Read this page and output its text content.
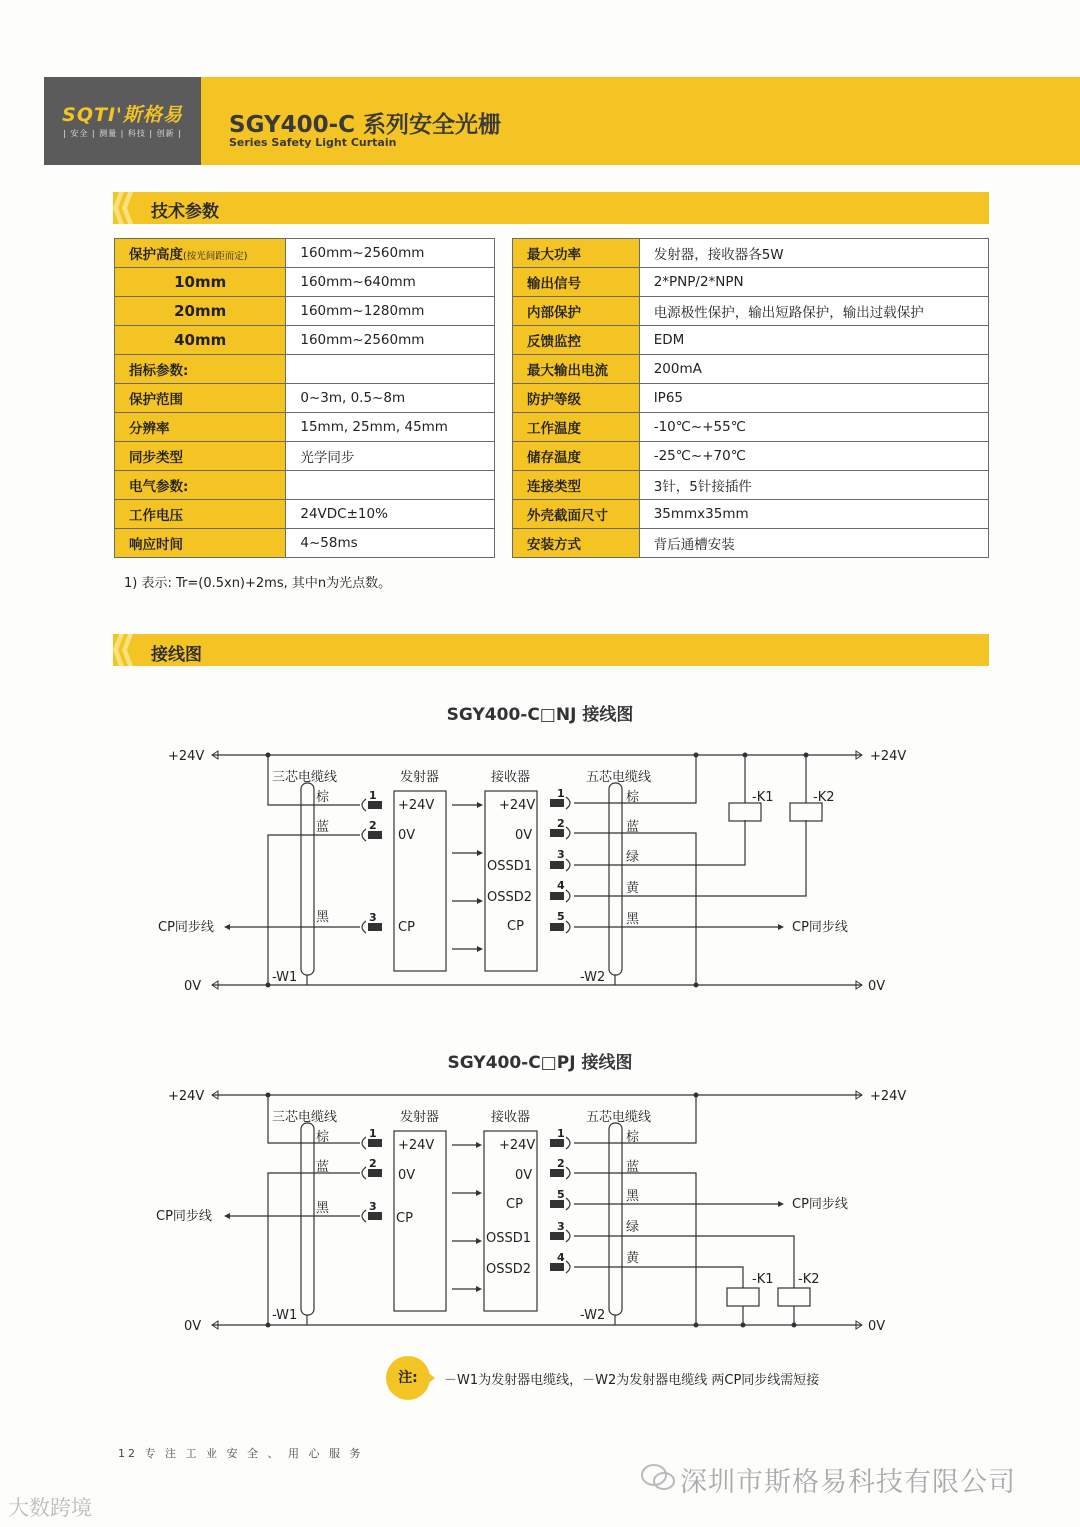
SQTI'斯格易
| 安全 | 测量 | 科技 | 创新 |	SGY400-C 系列安全光栅
Series Safety Light Curtain
技术参数
保护高度(按光间距而定)	160mm~2560mm
10mm	160mm~640mm
20mm	160mm~1280mm
40mm	160mm~2560mm
指标参数:	
保护范围	0~3m, 0.5~8m
分辨率	15mm, 25mm, 45mm
同步类型	光学同步
电气参数:	
工作电压	24VDC±10%
响应时间	4~58ms
最大功率	发射器，接收器各5W
输出信号	2*PNP/2*NPN
内部保护	电源极性保护，输出短路保护，输出过载保护
反馈监控	EDM
最大输出电流	200mA
防护等级	IP65
工作温度	-10℃~+55℃
储存温度	-25℃~+70℃
连接类型	3针，5针接插件
外壳截面尺寸	35mmx35mm
安装方式	背后通槽安装
1) 表示: Tr=(0.5xn)+2ms, 其中n为光点数。
接线图
SGY400-C□NJ 接线图
SGY400-C□PJ 接线图
+24V	+24V
0V	0V
三芯电缆线	发射器	接收器	五芯电缆线
CP同步线	CP同步线
-W1	-W2
-K1	-K2
棕
蓝
黑
棕
蓝
绿
黄
黑
+24V
0V
CP
+24V
0V
OSSD1
OSSD2
CP
1
2
3
1
2
3
4
5
+24V	+24V
0V	0V
三芯电缆线	发射器	接收器	五芯电缆线
CP同步线
CP同步线
-W1	-W2
-K1 -K2
棕
蓝
黑
棕
蓝
黑
绿
黄
+24V
0V
CP
+24V
0V
CP
OSSD1
OSSD2
1
2
3
1
2
5
3
4
注:	－W1为发射器电缆线，－W2为发射器电缆线 两CP同步线需短接
12 专 注 工 业 安 全 、 用 心 服 务
深圳市斯格易科技有限公司
大数跨境
